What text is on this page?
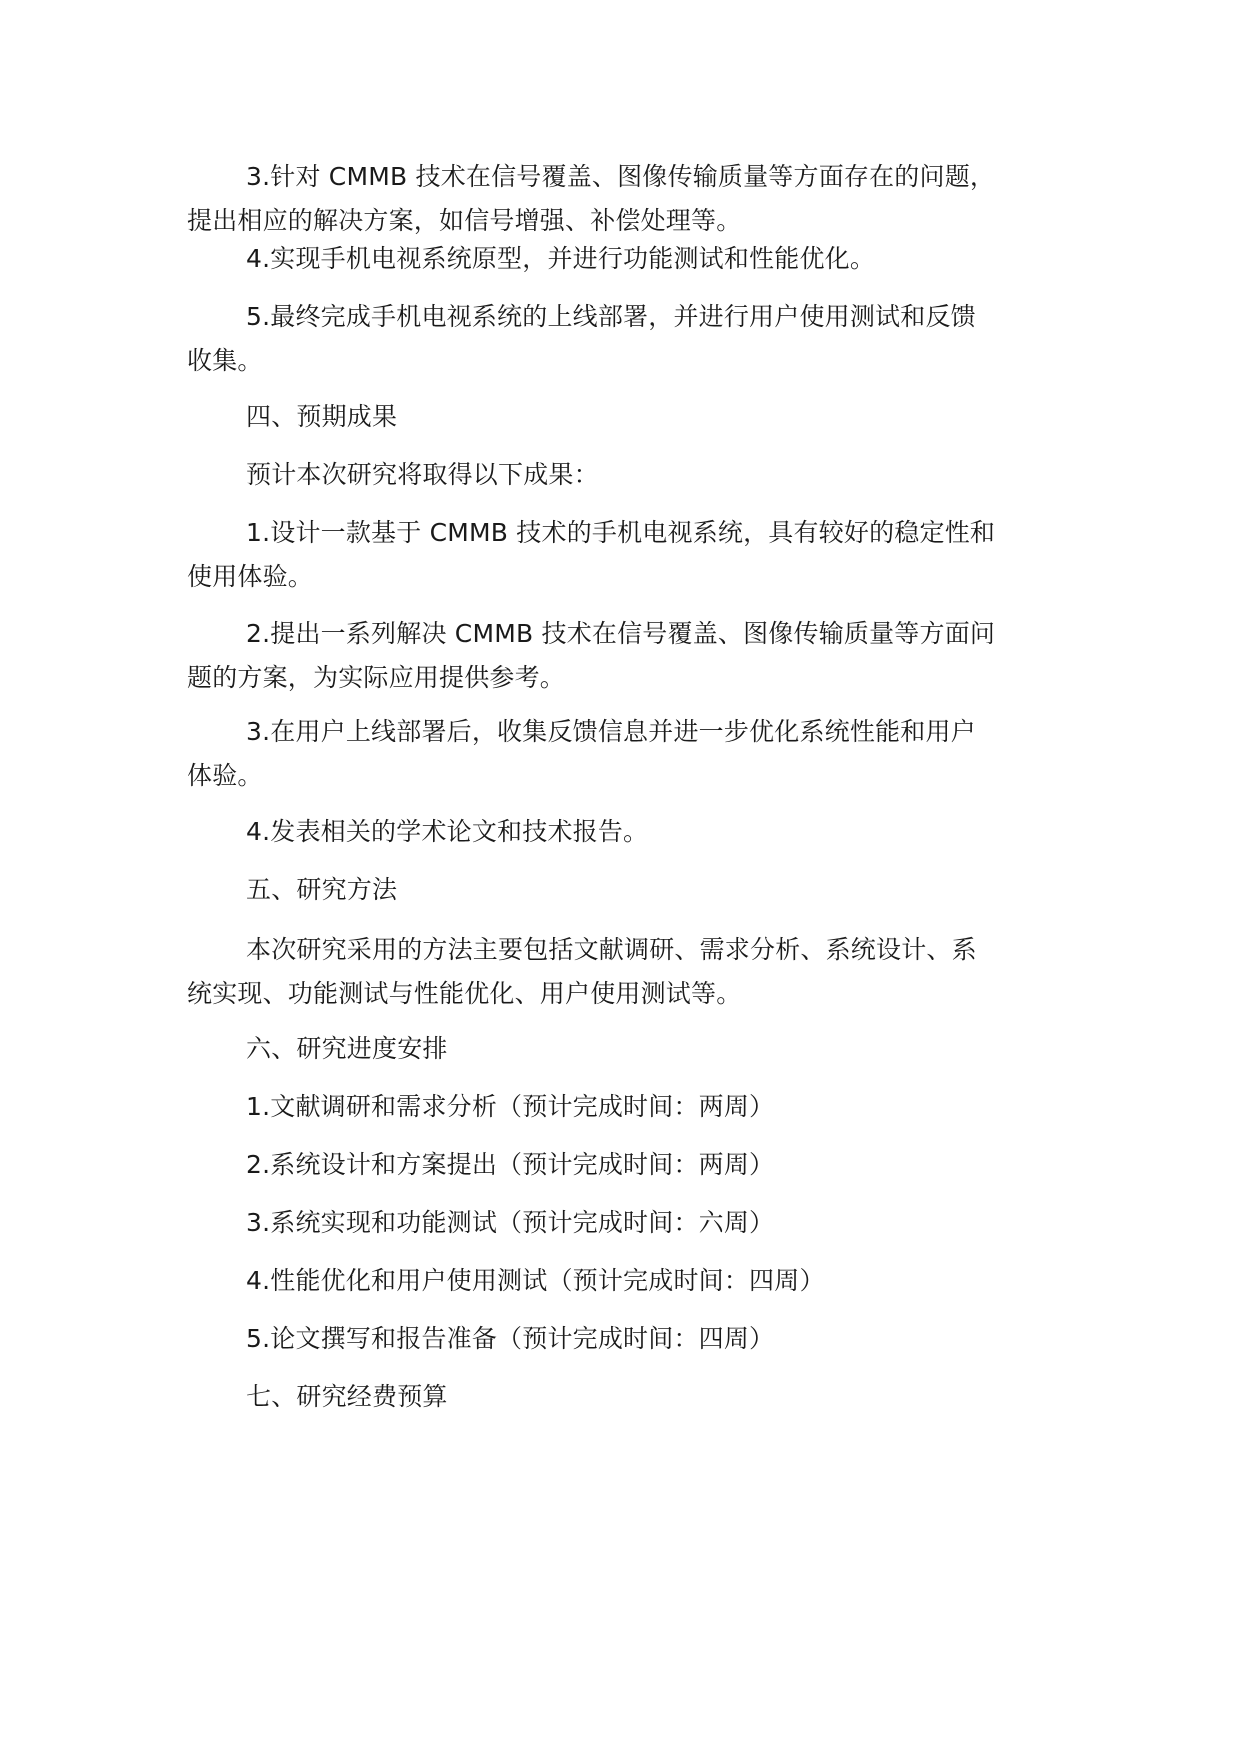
3.针对 CMMB 技术在信号覆盖、图像传输质量等方面存在的问题，
提出相应的解决方案，如信号增强、补偿处理等。

4.实现手机电视系统原型，并进行功能测试和性能优化。

5.最终完成手机电视系统的上线部署，并进行用户使用测试和反馈
收集。

四、预期成果

预计本次研究将取得以下成果：

1.设计一款基于 CMMB 技术的手机电视系统，具有较好的稳定性和
使用体验。

2.提出一系列解决 CMMB 技术在信号覆盖、图像传输质量等方面问
题的方案，为实际应用提供参考。

3.在用户上线部署后，收集反馈信息并进一步优化系统性能和用户
体验。

4.发表相关的学术论文和技术报告。

五、研究方法

本次研究采用的方法主要包括文献调研、需求分析、系统设计、系
统实现、功能测试与性能优化、用户使用测试等。

六、研究进度安排

1.文献调研和需求分析（预计完成时间：两周）

2.系统设计和方案提出（预计完成时间：两周）

3.系统实现和功能测试（预计完成时间：六周）

4.性能优化和用户使用测试（预计完成时间：四周）

5.论文撰写和报告准备（预计完成时间：四周）

七、研究经费预算
